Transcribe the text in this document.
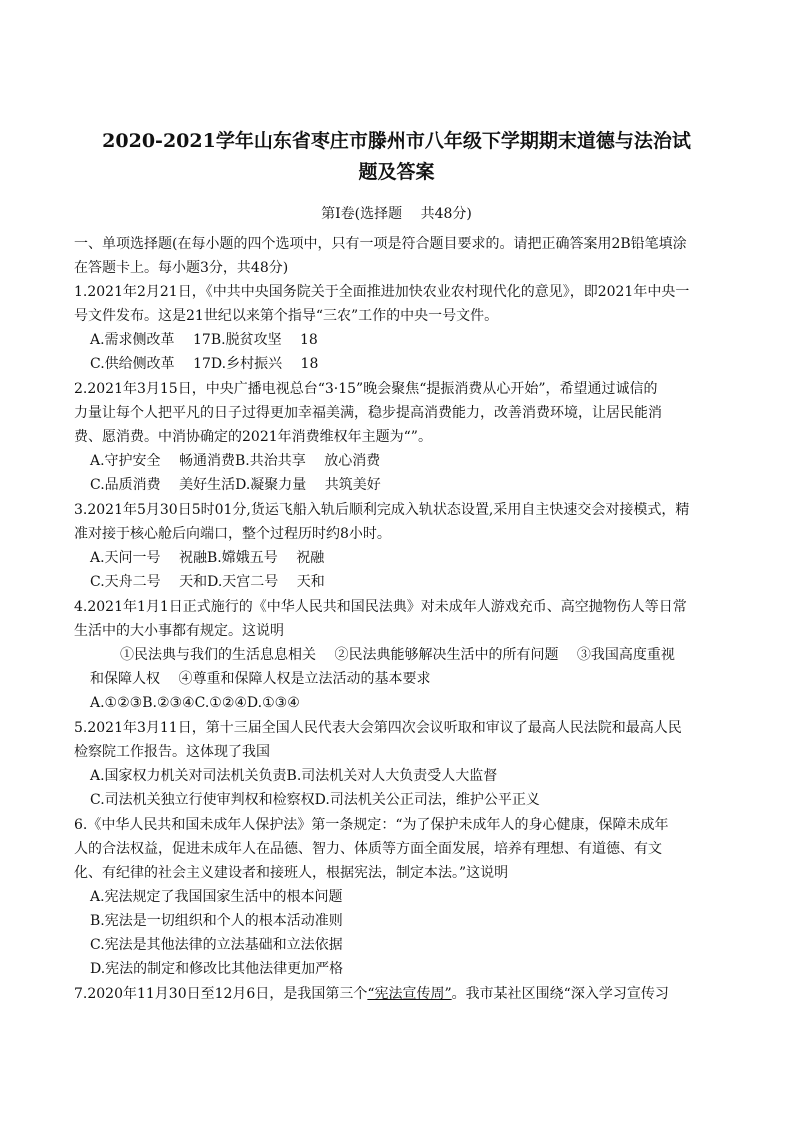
2020-2021学年山东省枣庄市滕州市八年级下学期期末道德与法治试
题及答案
第Ⅰ卷(选择题　 共48分)
一、单项选择题(在每小题的四个选项中，只有一项是符合题目要求的。请把正确答案用2B铅笔填涂
在答题卡上。每小题3分，共48分)
1.2021年2月21日，《中共中央国务院关于全面推进加快农业农村现代化的意见》，即2021年中央一
号文件发布。这是21世纪以来第个指导“三农”工作的中央一号文件。
A.需求侧改革　 17B.脱贫攻坚　 18
C.供给侧改革　 17D.乡村振兴　 18
2.2021年3月15日，中央广播电视总台“3·15”晚会聚焦“提振消费从心开始”，希望通过诚信的
力量让每个人把平凡的日子过得更加幸福美满，稳步提高消费能力，改善消费环境，让居民能消
费、愿消费。中消协确定的2021年消费维权年主题为“”。
A.守护安全　 畅通消费B.共治共享　 放心消费
C.品质消费　 美好生活D.凝聚力量　 共筑美好
3.2021年5月30日5时01分,货运飞船入轨后顺利完成入轨状态设置,采用自主快速交会对接模式，精
准对接于核心舱后向端口，整个过程历时约8小时。
A.天问一号　 祝融B.嫦娥五号　 祝融
C.天舟二号　 天和D.天宫二号　 天和
4.2021年1月1日正式施行的《中华人民共和国民法典》对未成年人游戏充币、高空抛物伤人等日常
生活中的大小事都有规定。这说明
①民法典与我们的生活息息相关　 ②民法典能够解决生活中的所有问题　 ③我国高度重视
和保障人权　 ④尊重和保障人权是立法活动的基本要求
A.①②③B.②③④C.①②④D.①③④
5.2021年3月11日，第十三届全国人民代表大会第四次会议听取和审议了最高人民法院和最高人民
检察院工作报告。这体现了我国
A.国家权力机关对司法机关负责B.司法机关对人大负责受人大监督
C.司法机关独立行使审判权和检察权D.司法机关公正司法，维护公平正义
6.《中华人民共和国未成年人保护法》第一条规定：“为了保护未成年人的身心健康，保障未成年
人的合法权益，促进未成年人在品德、智力、体质等方面全面发展，培养有理想、有道德、有文
化、有纪律的社会主义建设者和接班人，根据宪法，制定本法。”这说明
A.宪法规定了我国国家生活中的根本问题
B.宪法是一切组织和个人的根本活动准则
C.宪法是其他法律的立法基础和立法依据
D.宪法的制定和修改比其他法律更加严格
7.2020年11月30日至12月6日，是我国第三个“宪法宣传周”。我市某社区围绕“深入学习宣传习
